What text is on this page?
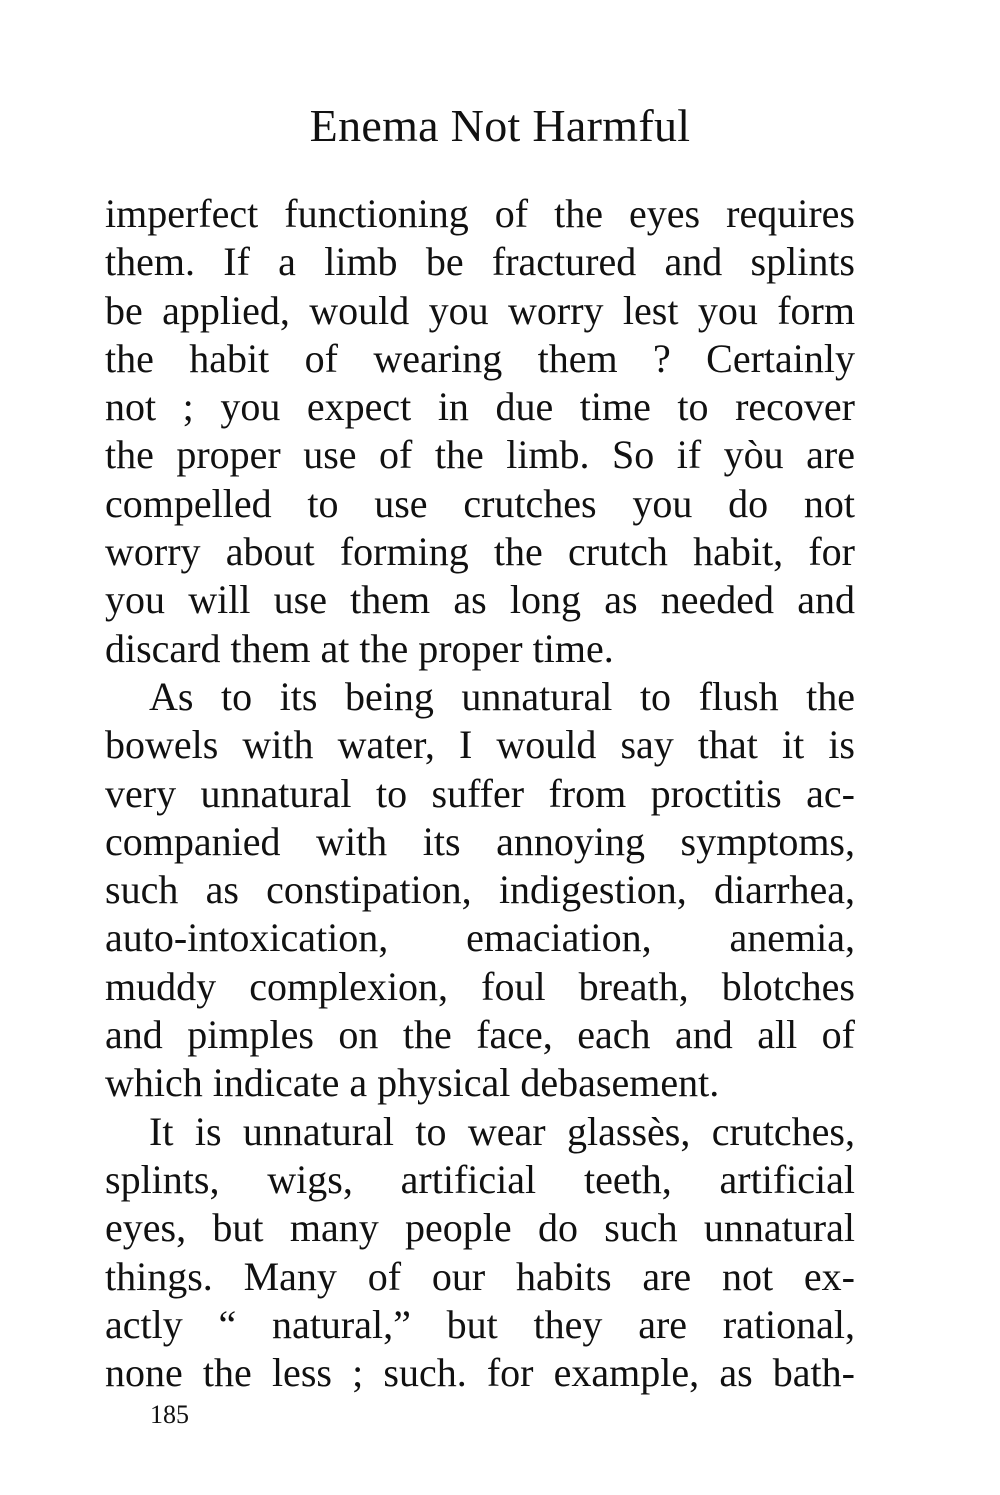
Enema Not Harmful
imperfect functioning of the eyes requires
them. If a limb be fractured and splints
be applied, would you worry lest you form
the habit of wearing them ? Certainly
not ; you expect in due time to recover
the proper use of the limb. So if yòu are
compelled to use crutches you do not
worry about forming the crutch habit, for
you will use them as long as needed and
discard them at the proper time.
As to its being unnatural to flush the
bowels with water, I would say that it is
very unnatural to suffer from proctitis ac-
companied with its annoying symptoms,
such as constipation, indigestion, diarrhea,
auto-intoxication, emaciation, anemia,
muddy complexion, foul breath, blotches
and pimples on the face, each and all of
which indicate a physical debasement.
It is unnatural to wear glassès, crutches,
splints, wigs, artificial teeth, artificial
eyes, but many people do such unnatural
things. Many of our habits are not ex-
actly “ natural,” but they are rational,
none the less ; such. for example, as bath-
185
